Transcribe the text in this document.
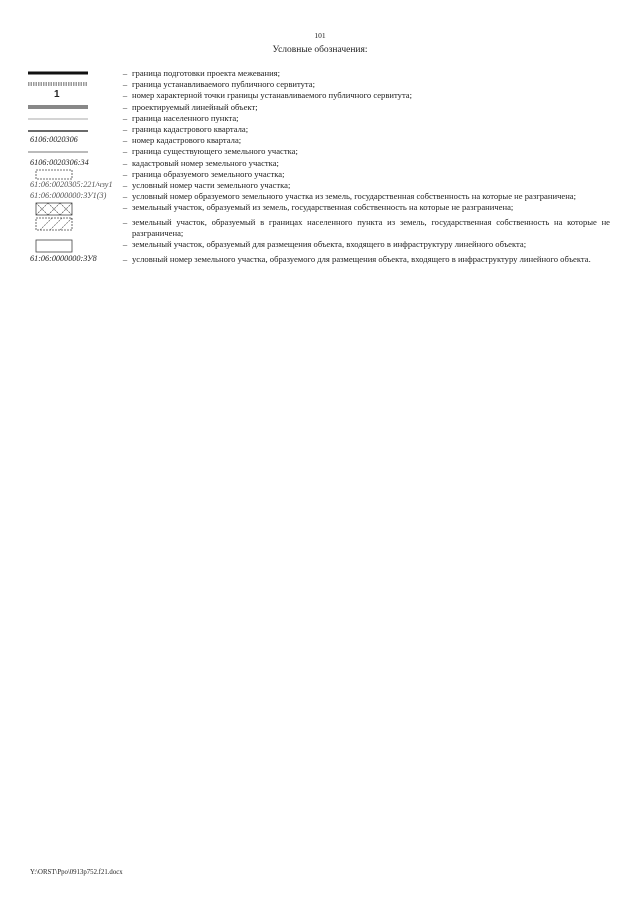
101
Условные обозначения:
– граница подготовки проекта межевания;
– граница устанавливаемого публичного сервитута;
1	– номер характерной точки границы устанавливаемого публичного сервитута;
– проектируемый линейный объект;
– граница населенного пункта;
– граница кадастрового квартала;
6106:0020306	– номер кадастрового квартала;
– граница существующего земельного участка;
6106:0020306:34	– кадастровый номер земельного участка;
– граница образуемого земельного участка;
61:06:0020305:221/чзу1	– условный номер части земельного участка;
61:06:0000000:ЗУ1(3)	– условный номер образуемого земельного участка из земель, государственная собственность на которые не разграничена;
– земельный участок, образуемый из земель, государственная собственность на которые не разграничена;
– земельный участок, образуемый в границах населенного пункта из земель, государственная собственность на которые не разграничена;
– земельный участок, образуемый для размещения объекта, входящего в инфраструктуру линейного объекта;
61:06:0000000:ЗУ8	– условный номер земельного участка, образуемого для размещения объекта, входящего в инфраструктуру линейного объекта.
Y:\ORST\Ppo\0913p752.f21.docx
